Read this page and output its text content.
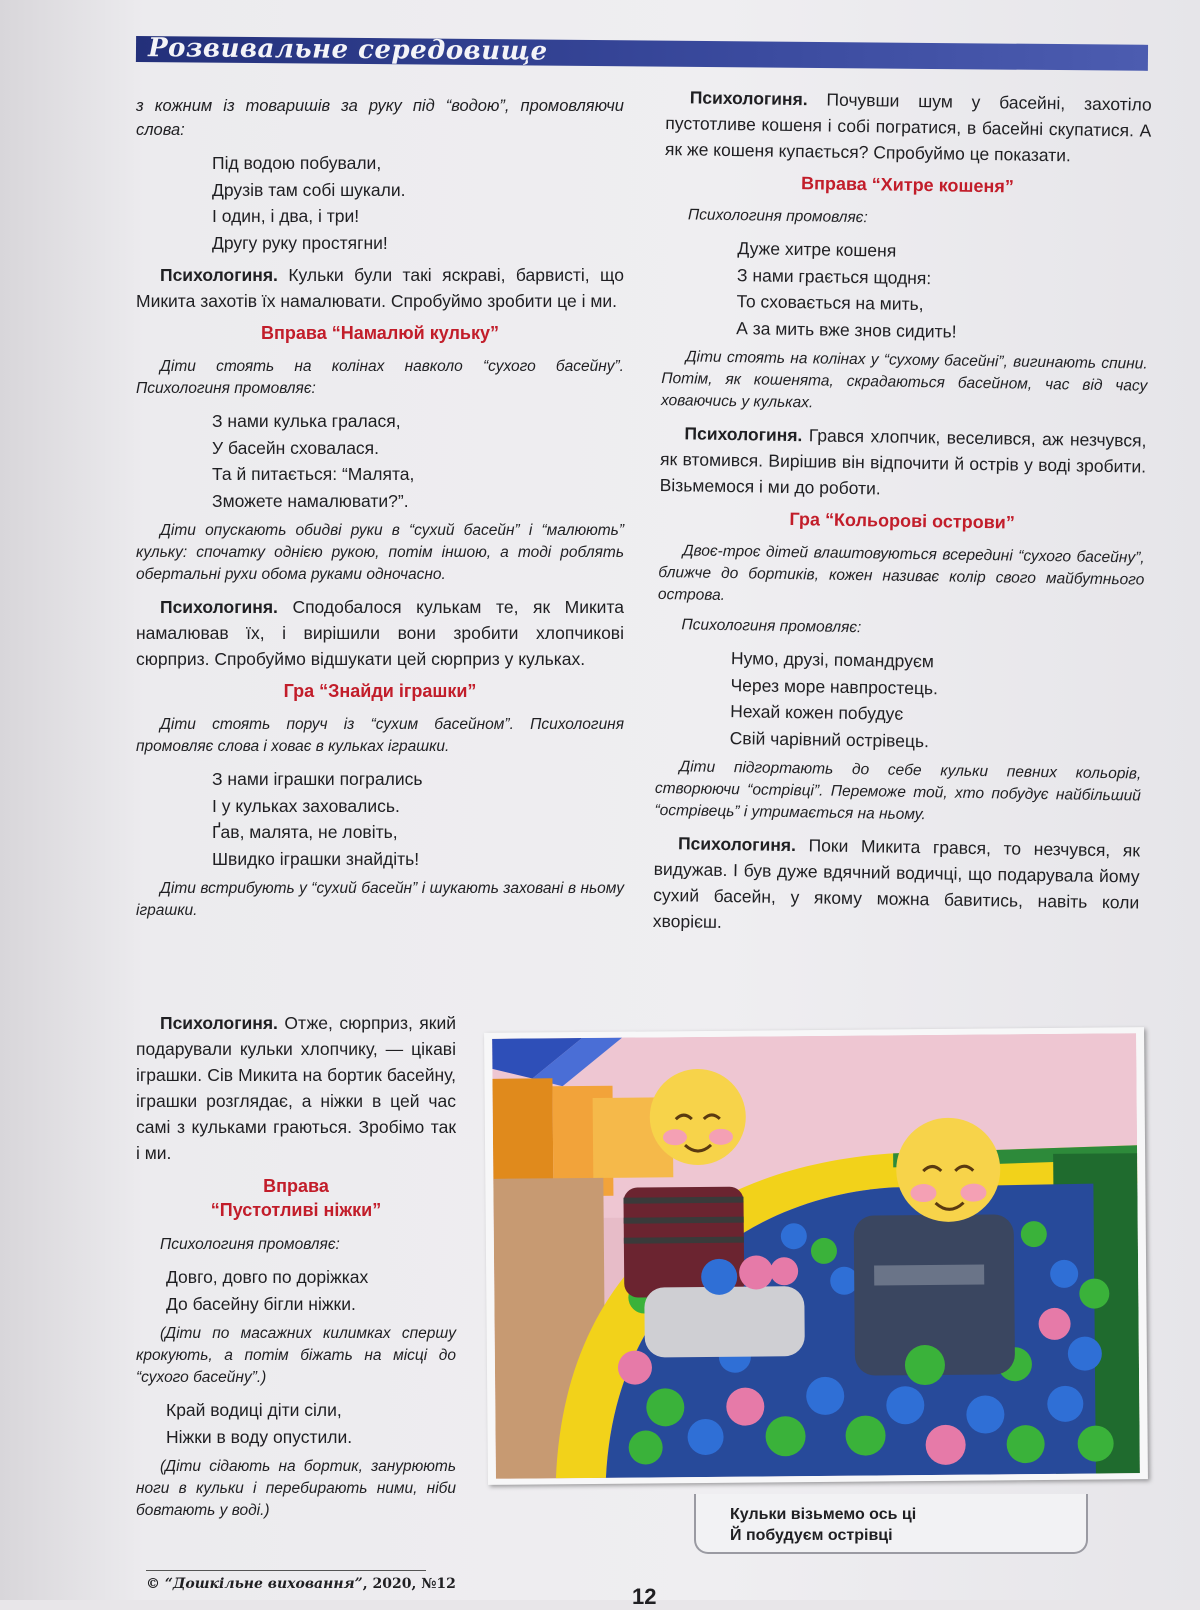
Розвивальне середовище

з кожним із товаришів за руку під “водою”, промовляючи слова:

Під водою побували,
Друзів там собі шукали.
І один, і два, і три!
Другу руку простягни!

Психологиня. Кульки були такі яскраві, барвисті, що Микита захотів їх намалювати. Спробуймо зробити це і ми.

Вправа “Намалюй кульку”

Діти стоять на колінах навколо “сухого басейну”. Психологиня промовляє:

З нами кулька гралася,
У басейн сховалася.
Та й питається: “Малята,
Зможете намалювати?”.

Діти опускають обидві руки в “сухий басейн” і “малюють” кульку: спочатку однією рукою, потім іншою, а тоді роблять обертальні рухи обома руками одночасно.

Психологиня. Сподобалося кулькам те, як Микита намалював їх, і вирішили вони зробити хлопчикові сюрприз. Спробуймо відшукати цей сюрприз у кульках.

Гра “Знайди іграшки”

Діти стоять поруч із “сухим басейном”. Психологиня промовляє слова і ховає в кульках іграшки.

З нами іграшки погрались
І у кульках заховались.
Ґав, малята, не ловіть,
Швидко іграшки знайдіть!

Діти встрибують у “сухий басейн” і шукають заховані в ньому іграшки.

Психологиня. Отже, сюрприз, який подарували кульки хлопчику, — цікаві іграшки. Сів Микита на бортик басейну, іграшки розглядає, а ніжки в цей час самі з кульками граються. Зробімо так і ми.

Вправа
“Пустотливі ніжки”

Психологиня промовляє:

Довго, довго по доріжках
До басейну бігли ніжки.

(Діти по масажних килимках спершу крокують, а потім біжать на місці до “сухого басейну”.)

Край водиці діти сіли,
Ніжки в воду опустили.

(Діти сідають на бортик, занурюють ноги в кульки і перебирають ними, ніби бовтають у воді.)

Психологиня. Почувши шум у басейні, захотіло пустотливе кошеня і собі погратися, в басейні скупатися. А як же кошеня купається? Спробуймо це показати.

Вправа “Хитре кошеня”

Психологиня промовляє:

Дуже хитре кошеня
З нами грається щодня:
То сховається на мить,
А за мить вже знов сидить!

Діти стоять на колінах у “сухому басейні”, вигинають спини. Потім, як кошенята, скрадаються басейном, час від часу ховаючись у кульках.

Психологиня. Грався хлопчик, веселився, аж незчувся, як втомився. Вирішив він відпочити й острів у воді зробити. Візьмемося і ми до роботи.

Гра “Кольорові острови”

Двоє-троє дітей влаштовуються всередині “сухого басейну”, ближче до бортиків, кожен називає колір свого майбутнього острова.

Психологиня промовляє:

Нумо, друзі, помандруєм
Через море навпростець.
Нехай кожен побудує
Свій чарівний острівець.

Діти підгортають до себе кульки певних кольорів, створюючи “острівці”. Переможе той, хто побудує найбільший “острівець” і утримається на ньому.

Психологиня. Поки Микита грався, то незчувся, як видужав. І був дуже вдячний водичці, що подарувала йому сухий басейн, у якому можна бавитись, навіть коли хворієш.

Кульки візьмемо ось ці
Й побудуєм острівці
© “Дошкільне виховання”, 2020, №12	12
